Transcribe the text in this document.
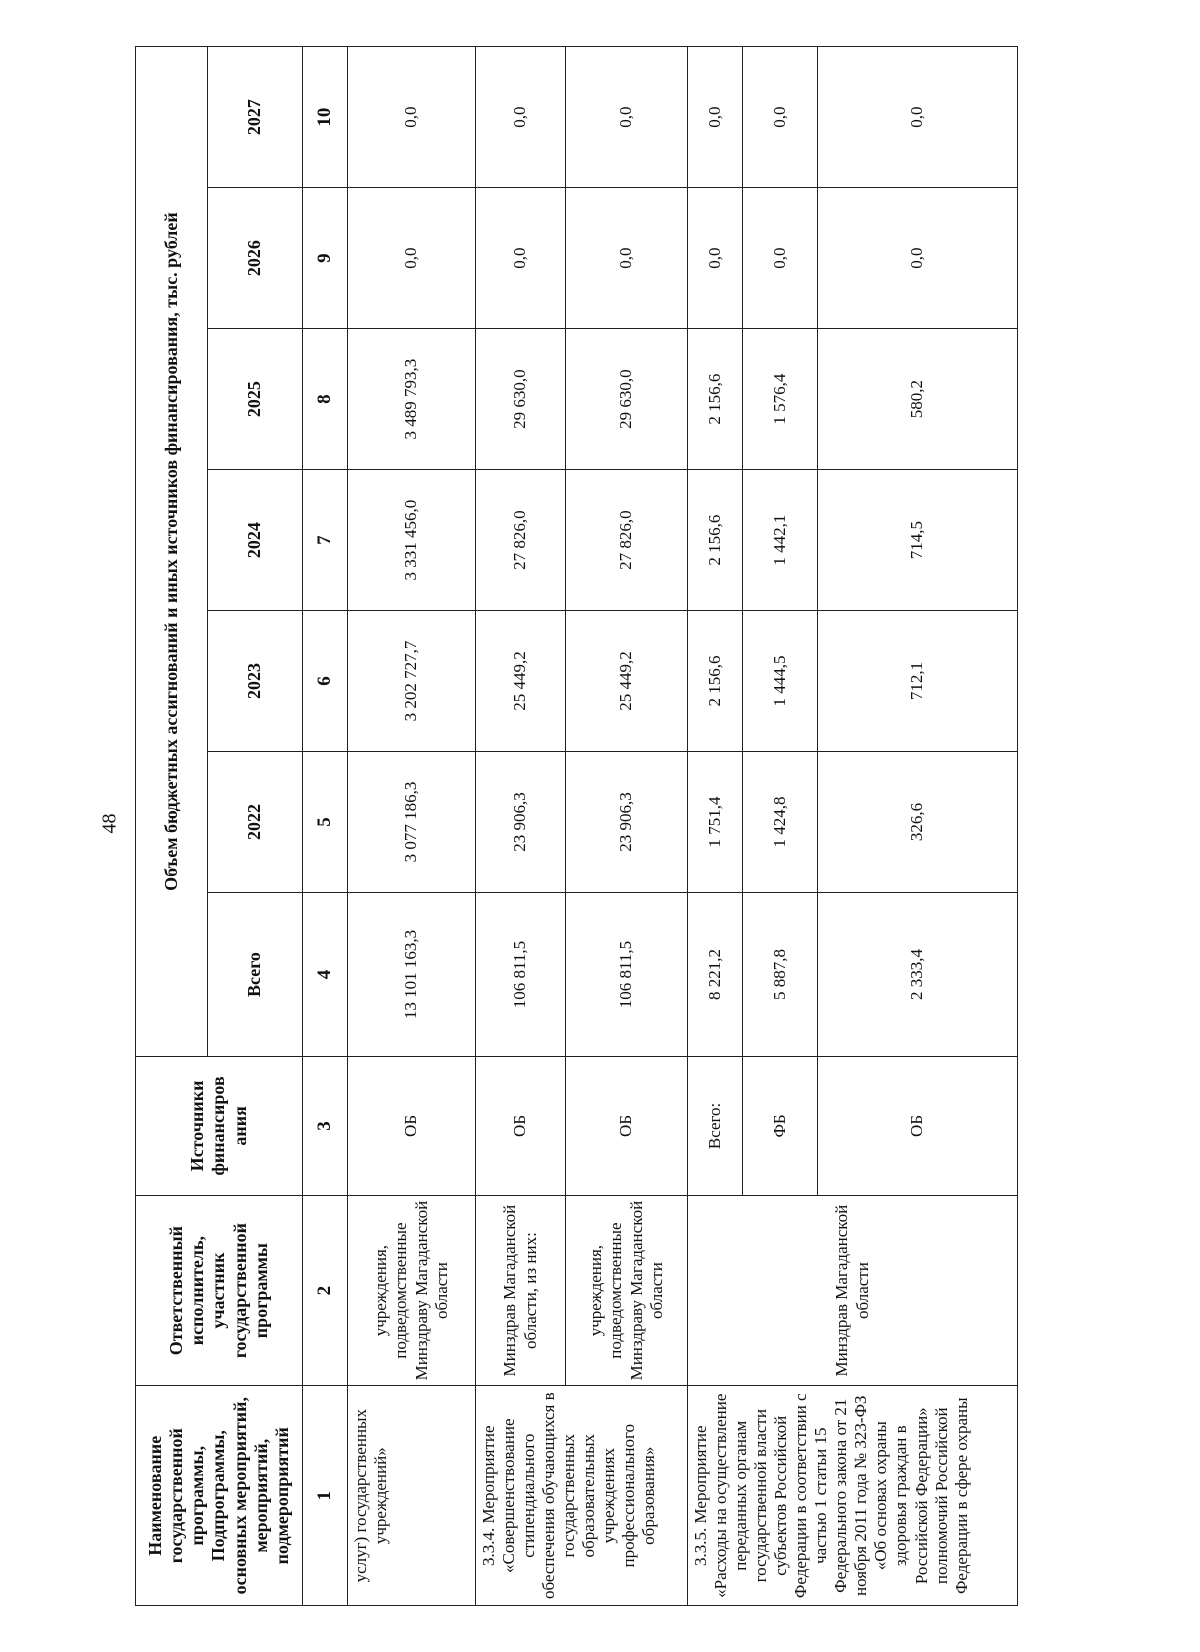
48
Наименование государственной программы, Подпрограммы, основных мероприятий, мероприятий, подмероприятий	Ответственный исполнитель, участник государственной программы	Источники финансиров ания	Объем бюджетных ассигнований и иных источников финансирования, тыс. рублей						
			Всего	2022	2023	2024	2025	2026	2027
1	2	3	4	5	6	7	8	9	10
услуг) государственных учреждений»	учреждения, подведомственные Минздраву Магаданской области	ОБ	13 101 163,3	3 077 186,3	3 202 727,7	3 331 456,0	3 489 793,3	0,0	0,0
3.3.4. Мероприятие «Совершенствование стипендиального обеспечения обучающихся в государственных образовательных учреждениях профессионального образования»	Минздрав Магаданской области, из них:	ОБ	106 811,5	23 906,3	25 449,2	27 826,0	29 630,0	0,0	0,0
	учреждения, подведомственные Минздраву Магаданской области	ОБ	106 811,5	23 906,3	25 449,2	27 826,0	29 630,0	0,0	0,0
3.3.5. Мероприятие «Расходы на осуществление переданных органам государственной власти субъектов Российской Федерации в соответствии с частью 1 статьи 15 Федерального закона от 21 ноября 2011 года № 323-ФЗ «Об основах охраны здоровья граждан в Российской Федерации» полномочий Российской Федерации в сфере охраны	Минздрав Магаданской области	Всего:	8 221,2	1 751,4	2 156,6	2 156,6	2 156,6	0,0	0,0
		ФБ	5 887,8	1 424,8	1 444,5	1 442,1	1 576,4	0,0	0,0
		ОБ	2 333,4	326,6	712,1	714,5	580,2	0,0	0,0
